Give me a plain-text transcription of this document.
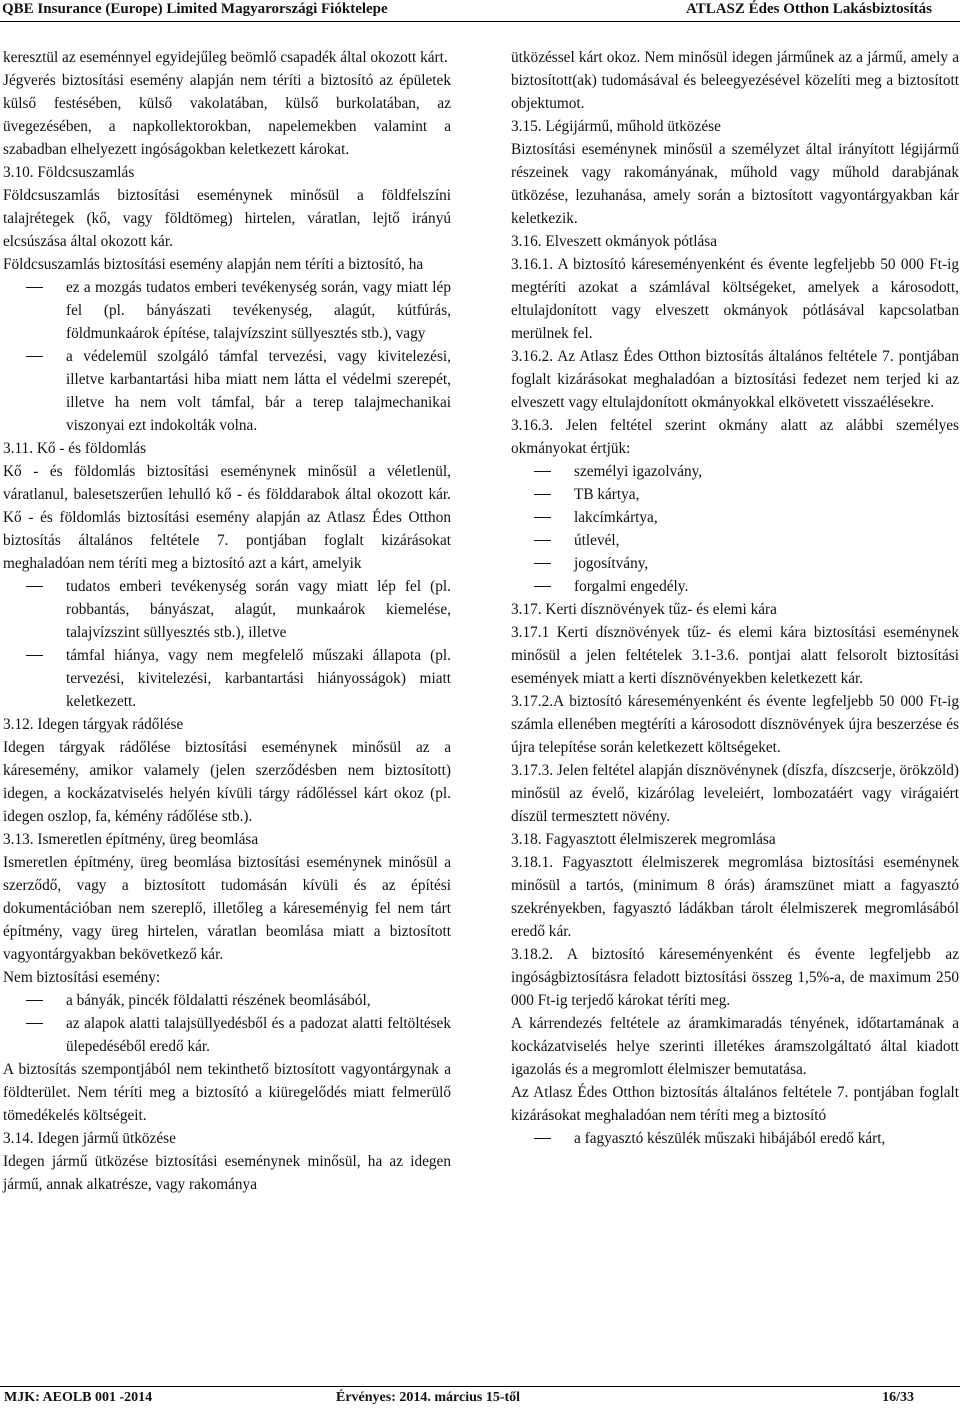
QBE Insurance (Europe) Limited Magyarországi Fióktelepe	ATLASZ Édes Otthon Lakásbiztosítás

keresztül az eseménnyel egyidejűleg beömlő csapadék által okozott kárt.

Jégverés biztosítási esemény alapján nem téríti a biztosító az épületek külső festésében, külső vakolatában, külső burkolatában, az üvegezésében, a napkollektorokban, napelemekben valamint a szabadban elhelyezett ingóságokban keletkezett károkat.

3.10. Földcsuszamlás

Földcsuszamlás biztosítási eseménynek minősül a földfelszíni talajrétegek (kő, vagy földtömeg) hirtelen, váratlan, lejtő irányú elcsúszása által okozott kár.

Földcsuszamlás biztosítási esemény alapján nem téríti a biztosító, ha

ez a mozgás tudatos emberi tevékenység során, vagy miatt lép fel (pl. bányászati tevékenység, alagút, kútfúrás, földmunkaárok építése, talajvízszint süllyesztés stb.), vagy
a védelemül szolgáló támfal tervezési, vagy kivitelezési, illetve karbantartási hiba miatt nem látta el védelmi szerepét, illetve ha nem volt támfal, bár a terep talajmechanikai viszonyai ezt indokolták volna.

3.11. Kő - és földomlás

Kő - és földomlás biztosítási eseménynek minősül a véletlenül, váratlanul, balesetszerűen lehulló kő - és földdarabok által okozott kár. Kő - és földomlás biztosítási esemény alapján az Atlasz Édes Otthon biztosítás általános feltétele 7. pontjában foglalt kizárásokat meghaladóan nem téríti meg a biztosító azt a kárt, amelyik

tudatos emberi tevékenység során vagy miatt lép fel (pl. robbantás, bányászat, alagút, munkaárok kiemelése, talajvízszint süllyesztés stb.), illetve
támfal hiánya, vagy nem megfelelő műszaki állapota (pl. tervezési, kivitelezési, karbantartási hiányosságok) miatt keletkezett.

3.12. Idegen tárgyak rádőlése

Idegen tárgyak rádőlése biztosítási eseménynek minősül az a káresemény, amikor valamely (jelen szerződésben nem biztosított) idegen, a kockázatviselés helyén kívüli tárgy rádőléssel kárt okoz (pl. idegen oszlop, fa, kémény rádőlése stb.).

3.13. Ismeretlen építmény, üreg beomlása

Ismeretlen építmény, üreg beomlása biztosítási eseménynek minősül a szerződő, vagy a biztosított tudomásán kívüli és az építési dokumentációban nem szereplő, illetőleg a káreseményig fel nem tárt építmény, vagy üreg hirtelen, váratlan beomlása miatt a biztosított vagyontárgyakban bekövetkező kár.

Nem biztosítási esemény:

a bányák, pincék földalatti részének beomlásából,
az alapok alatti talajsüllyedésből és a padozat alatti feltöltések ülepedéséből eredő kár.

A biztosítás szempontjából nem tekinthető biztosított vagyontárgynak a földterület. Nem téríti meg a biztosító a kiüregelődés miatt felmerülő tömedékelés költségeit.

3.14. Idegen jármű ütközése

Idegen jármű ütközése biztosítási eseménynek minősül, ha az idegen jármű, annak alkatrésze, vagy rakománya

ütközéssel kárt okoz. Nem minősül idegen járműnek az a jármű, amely a biztosított(ak) tudomásával és beleegyezésével közelíti meg a biztosított objektumot.

3.15. Légijármű, műhold ütközése

Biztosítási eseménynek minősül a személyzet által irányított légijármű részeinek vagy rakományának, műhold vagy műhold darabjának ütközése, lezuhanása, amely során a biztosított vagyontárgyakban kár keletkezik.

3.16. Elveszett okmányok pótlása

3.16.1. A biztosító káreseményenként és évente legfeljebb 50 000 Ft-ig megtéríti azokat a számlával költségeket, amelyek a károsodott, eltulajdonított vagy elveszett okmányok pótlásával kapcsolatban merülnek fel.

3.16.2. Az Atlasz Édes Otthon biztosítás általános feltétele 7. pontjában foglalt kizárásokat meghaladóan a biztosítási fedezet nem terjed ki az elveszett vagy eltulajdonított okmányokkal elkövetett visszaélésekre.

3.16.3. Jelen feltétel szerint okmány alatt az alábbi személyes okmányokat értjük:

személyi igazolvány,
TB kártya,
lakcímkártya,
útlevél,
jogosítvány,
forgalmi engedély.

3.17. Kerti dísznövények tűz- és elemi kára

3.17.1 Kerti dísznövények tűz- és elemi kára biztosítási eseménynek minősül a jelen feltételek 3.1-3.6. pontjai alatt felsorolt biztosítási események miatt a kerti dísznövényekben keletkezett kár.

3.17.2.A biztosító káreseményenként és évente legfeljebb 50 000 Ft-ig számla ellenében megtéríti a károsodott dísznövények újra beszerzése és újra telepítése során keletkezett költségeket.

3.17.3. Jelen feltétel alapján dísznövénynek (díszfa, díszcserje, örökzöld) minősül az évelő, kizárólag leveleiért, lombozatáért vagy virágaiért díszül termesztett növény.

3.18. Fagyasztott élelmiszerek megromlása

3.18.1. Fagyasztott élelmiszerek megromlása biztosítási eseménynek minősül a tartós, (minimum 8 órás) áramszünet miatt a fagyasztó szekrényekben, fagyasztó ládákban tárolt élelmiszerek megromlásából eredő kár.

3.18.2. A biztosító káreseményenként és évente legfeljebb az ingóságbiztosításra feladott biztosítási összeg 1,5%-a, de maximum 250 000 Ft-ig terjedő károkat téríti meg.

A kárrendezés feltétele az áramkimaradás tényének, időtartamának a kockázatviselés helye szerinti illetékes áramszolgáltató által kiadott igazolás és a megromlott élelmiszer bemutatása.

Az Atlasz Édes Otthon biztosítás általános feltétele 7. pontjában foglalt kizárásokat meghaladóan nem téríti meg a biztosító

a fagyasztó készülék műszaki hibájából eredő kárt,
MJK: AEOLB 001 -2014	Érvényes: 2014. március 15-től	16/33
